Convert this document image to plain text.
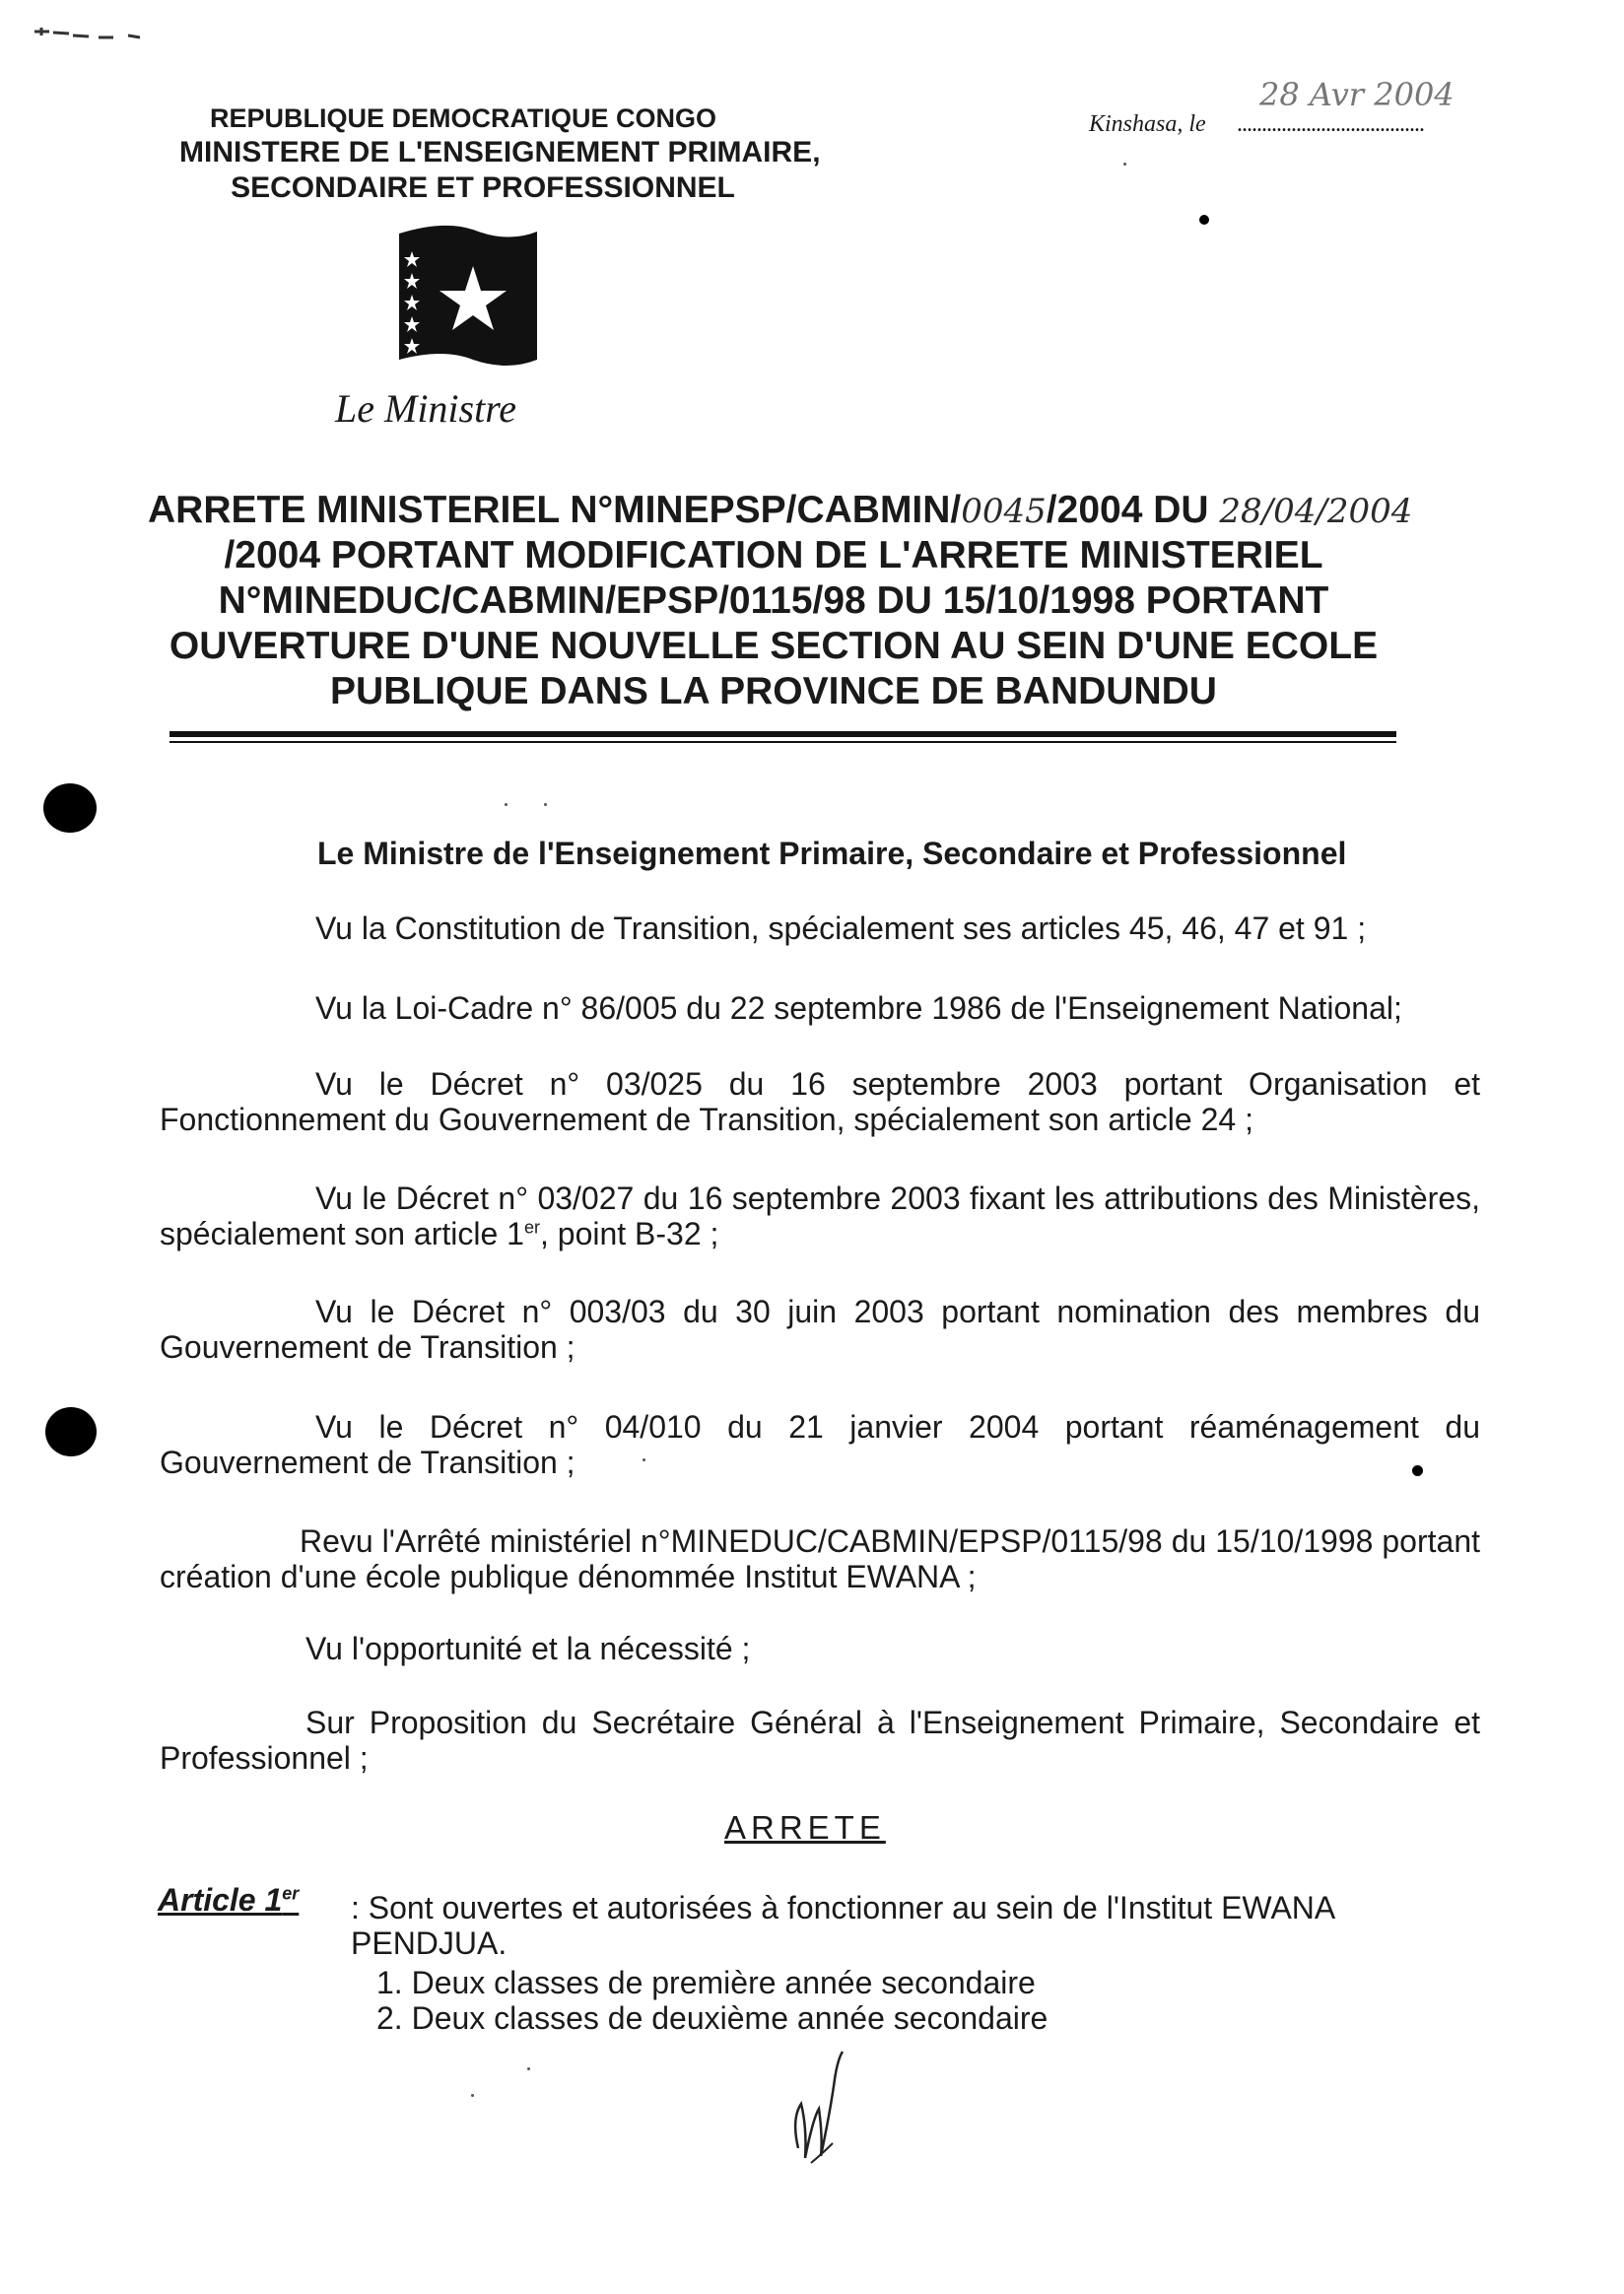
REPUBLIQUE DEMOCRATIQUE CONGO
MINISTERE DE L'ENSEIGNEMENT PRIMAIRE,
SECONDAIRE ET PROFESSIONNEL
Le Ministre
Kinshasa, le ......................................
28 Avr 2004
ARRETE MINISTERIEL N°MINEPSP/CABMIN/0045/2004 DU 28/04/2004
/2004 PORTANT MODIFICATION DE L'ARRETE MINISTERIEL
N°MINEDUC/CABMIN/EPSP/0115/98 DU 15/10/1998 PORTANT
OUVERTURE D'UNE NOUVELLE SECTION AU SEIN D'UNE ECOLE
PUBLIQUE DANS LA PROVINCE DE BANDUNDU
Le Ministre de l'Enseignement Primaire, Secondaire et Professionnel
Vu la Constitution de Transition, spécialement ses articles 45, 46, 47 et 91 ;
Vu la Loi-Cadre n° 86/005 du 22 septembre 1986 de l'Enseignement National;
Vu le Décret n° 03/025 du 16 septembre 2003 portant Organisation et Fonctionnement du Gouvernement de Transition, spécialement son article 24 ;
Vu le Décret n° 03/027 du 16 septembre 2003 fixant les attributions des Ministères, spécialement son article 1er, point B-32 ;
Vu le Décret n° 003/03 du 30 juin 2003 portant nomination des membres du Gouvernement de Transition ;
Vu le Décret n° 04/010 du 21 janvier 2004 portant réaménagement du Gouvernement de Transition ;
Revu l'Arrêté ministériel n°MINEDUC/CABMIN/EPSP/0115/98 du 15/10/1998 portant création d'une école publique dénommée Institut EWANA ;
Vu l'opportunité et la nécessité ;
Sur Proposition du Secrétaire Général à l'Enseignement Primaire, Secondaire et Professionnel ;
ARRETE
Article 1er : Sont ouvertes et autorisées à fonctionner au sein de l'Institut EWANA PENDJUA.
1. Deux classes de première année secondaire
2. Deux classes de deuxième année secondaire
